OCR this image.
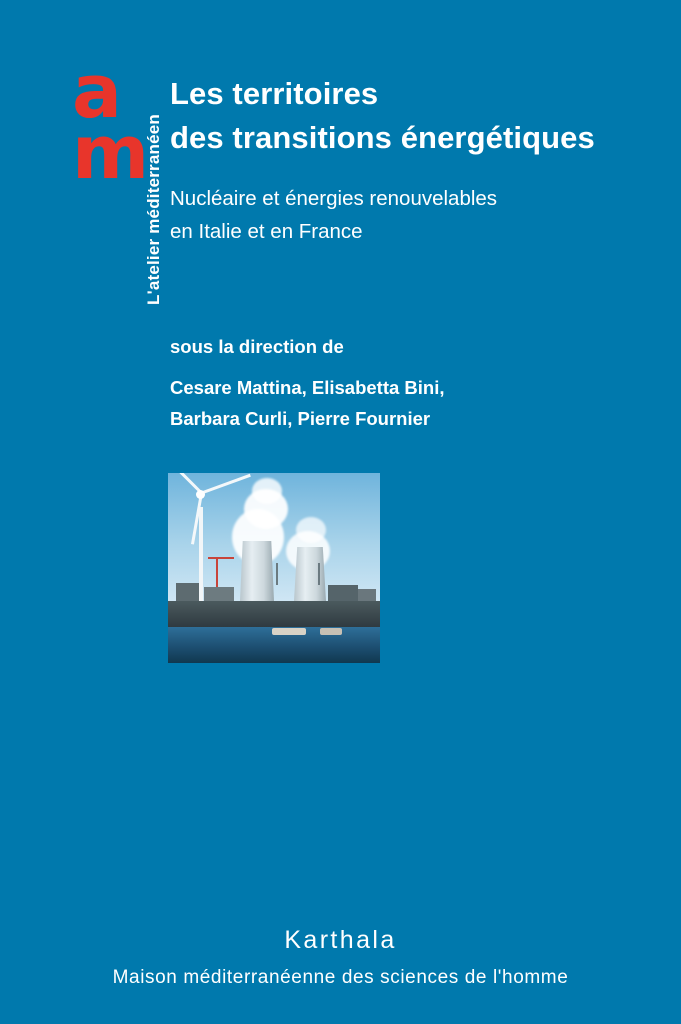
a
m
L'atelier méditerranéen
Les territoires
des transitions énergétiques
Nucléaire et énergies renouvelables
en Italie et en France
sous la direction de
Cesare Mattina, Elisabetta Bini,
Barbara Curli, Pierre Fournier
Karthala
Maison méditerranéenne des sciences de l'homme
